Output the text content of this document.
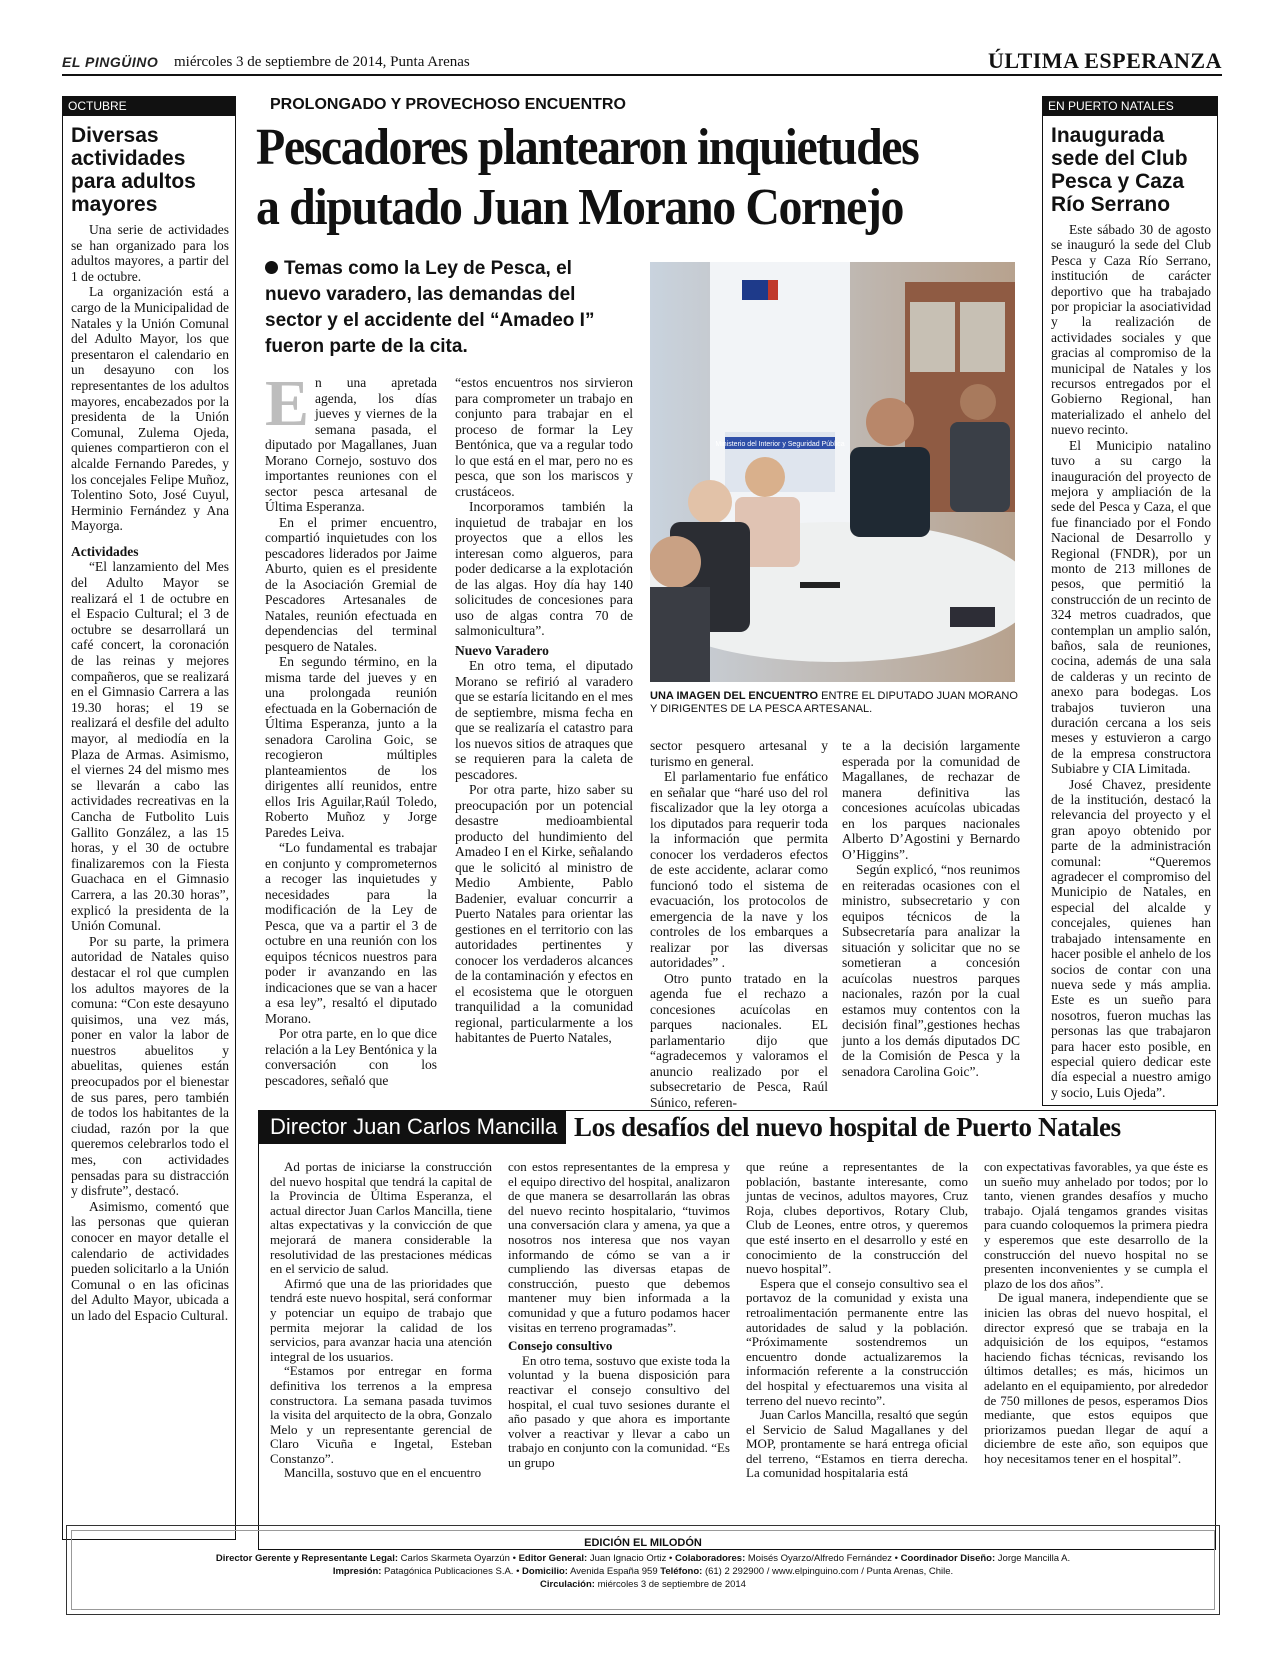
EL PINGÜINO miércoles 3 de septiembre de 2014, Punta Arenas	ÚLTIMA ESPERANZA
OCTUBRE
Diversas actividades para adultos mayores

Una serie de actividades se han organizado para los adultos mayores, a partir del 1 de octubre.

La organización está a cargo de la Municipalidad de Natales y la Unión Comunal del Adulto Mayor, los que presentaron el calendario en un desayuno con los representantes de los adultos mayores, encabezados por la presidenta de la Unión Comunal, Zulema Ojeda, quienes compartieron con el alcalde Fernando Paredes, y los concejales Felipe Muñoz, Tolentino Soto, José Cuyul, Herminio Fernández y Ana Mayorga.

Actividades

“El lanzamiento del Mes del Adulto Mayor se realizará el 1 de octubre en el Espacio Cultural; el 3 de octubre se desarrollará un café concert, la coronación de las reinas y mejores compañeros, que se realizará en el Gimnasio Carrera a las 19.30 horas; el 19 se realizará el desfile del adulto mayor, al mediodía en la Plaza de Armas. Asimismo, el viernes 24 del mismo mes se llevarán a cabo las actividades recreativas en la Cancha de Futbolito Luis Gallito González, a las 15 horas, y el 30 de octubre finalizaremos con la Fiesta Guachaca en el Gimnasio Carrera, a las 20.30 horas”, explicó la presidenta de la Unión Comunal.

Por su parte, la primera autoridad de Natales quiso destacar el rol que cumplen los adultos mayores de la comuna: “Con este desayuno quisimos, una vez más, poner en valor la labor de nuestros abuelitos y abuelitas, quienes están preocupados por el bienestar de sus pares, pero también de todos los habitantes de la ciudad, razón por la que queremos celebrarlos todo el mes, con actividades pensadas para su distracción y disfrute”, destacó.

Asimismo, comentó que las personas que quieran conocer en mayor detalle el calendario de actividades pueden solicitarlo a la Unión Comunal o en las oficinas del Adulto Mayor, ubicada a un lado del Espacio Cultural.

EN PUERTO NATALES
Inaugurada sede del Club Pesca y Caza Río Serrano

Este sábado 30 de agosto se inauguró la sede del Club Pesca y Caza Río Serrano, institución de carácter deportivo que ha trabajado por propiciar la asociatividad y la realización de actividades sociales y que gracias al compromiso de la municipal de Natales y los recursos entregados por el Gobierno Regional, han materializado el anhelo del nuevo recinto.

El Municipio natalino tuvo a su cargo la inauguración del proyecto de mejora y ampliación de la sede del Pesca y Caza, el que fue financiado por el Fondo Nacional de Desarrollo y Regional (FNDR), por un monto de 213 millones de pesos, que permitió la construcción de un recinto de 324 metros cuadrados, que contemplan un amplio salón, baños, sala de reuniones, cocina, además de una sala de calderas y un recinto de anexo para bodegas. Los trabajos tuvieron una duración cercana a los seis meses y estuvieron a cargo de la empresa constructora Subiabre y CIA Limitada.

José Chavez, presidente de la institución, destacó la relevancia del proyecto y el gran apoyo obtenido por parte de la administración comunal: “Queremos agradecer el compromiso del Municipio de Natales, en especial del alcalde y concejales, quienes han trabajado intensamente en hacer posible el anhelo de los socios de contar con una nueva sede y más amplia. Este es un sueño para nosotros, fueron muchas las personas las que trabajaron para hacer esto posible, en especial quiero dedicar este día especial a nuestro amigo y socio, Luis Ojeda”.

PROLONGADO Y PROVECHOSO ENCUENTRO
Pescadores plantearon inquietudes
a diputado Juan Morano Cornejo
Temas como la Ley de Pesca, el nuevo varadero, las demandas del sector y el accidente del “Amadeo I” fueron parte de la cita.

En una apretada agenda, los días jueves y viernes de la semana pasada, el diputado por Magallanes, Juan Morano Cornejo, sostuvo dos importantes reuniones con el sector pesca artesanal de Última Esperanza.

En el primer encuentro, compartió inquietudes con los pescadores liderados por Jaime Aburto, quien es el presidente de la Asociación Gremial de Pescadores Artesanales de Natales, reunión efectuada en dependencias del terminal pesquero de Natales.

En segundo término, en la misma tarde del jueves y en una prolongada reunión efectuada en la Gobernación de Última Esperanza, junto a la senadora Carolina Goic, se recogieron múltiples planteamientos de los dirigentes allí reunidos, entre ellos Iris Aguilar,Raúl Toledo, Roberto Muñoz y Jorge Paredes Leiva.

“Lo fundamental es trabajar en conjunto y comprometernos a recoger las inquietudes y necesidades para la modificación de la Ley de Pesca, que va a partir el 3 de octubre en una reunión con los equipos técnicos nuestros para poder ir avanzando en las indicaciones que se van a hacer a esa ley”, resaltó el diputado Morano.

Por otra parte, en lo que dice relación a la Ley Bentónica y la conversación con los pescadores, señaló que

“estos encuentros nos sirvieron para comprometer un trabajo en conjunto para trabajar en el proceso de formar la Ley Bentónica, que va a regular todo lo que está en el mar, pero no es pesca, que son los mariscos y crustáceos.

Incorporamos también la inquietud de trabajar en los proyectos que a ellos les interesan como algueros, para poder dedicarse a la explotación de las algas. Hoy día hay 140 solicitudes de concesiones para uso de algas contra 70 de salmonicultura”.

Nuevo Varadero

En otro tema, el diputado Morano se refirió al varadero que se estaría licitando en el mes de septiembre, misma fecha en que se realizaría el catastro para los nuevos sitios de atraques que se requieren para la caleta de pescadores.

Por otra parte, hizo saber su preocupación por un potencial desastre medioambiental producto del hundimiento del Amadeo I en el Kirke, señalando que le solicitó al ministro de Medio Ambiente, Pablo Badenier, evaluar concurrir a Puerto Natales para orientar las gestiones en el territorio con las autoridades pertinentes y conocer los verdaderos alcances de la contaminación y efectos en el ecosistema que le otorguen tranquilidad a la comunidad regional, particularmente a los habitantes de Puerto Natales,

Ministerio del Interior y Seguridad Pública
UNA IMAGEN DEL ENCUENTRO ENTRE EL DIPUTADO JUAN MORANO Y DIRIGENTES DE LA PESCA ARTESANAL.

sector pesquero artesanal y turismo en general.

El parlamentario fue enfático en señalar que “haré uso del rol fiscalizador que la ley otorga a los diputados para requerir toda la información que permita conocer los verdaderos efectos de este accidente, aclarar como funcionó todo el sistema de evacuación, los protocolos de emergencia de la nave y los controles de los embarques a realizar por las diversas autoridades” .

Otro punto tratado en la agenda fue el rechazo a concesiones acuícolas en parques nacionales. EL parlamentario dijo que “agradecemos y valoramos el anuncio realizado por el subsecretario de Pesca, Raúl Súnico, referen-

te a la decisión largamente esperada por la comunidad de Magallanes, de rechazar de manera definitiva las concesiones acuícolas ubicadas en los parques nacionales Alberto D’Agostini y Bernardo O’Higgins”.

Según explicó, “nos reunimos en reiteradas ocasiones con el ministro, subsecretario y con equipos técnicos de la Subsecretaría para analizar la situación y solicitar que no se sometieran a concesión acuícolas nuestros parques nacionales, razón por la cual estamos muy contentos con la decisión final”,gestiones hechas junto a los demás diputados DC de la Comisión de Pesca y la senadora Carolina Goic”.

Director Juan Carlos Mancilla Los desafíos del nuevo hospital de Puerto Natales

Ad portas de iniciarse la construcción del nuevo hospital que tendrá la capital de la Provincia de Última Esperanza, el actual director Juan Carlos Mancilla, tiene altas expectativas y la convicción de que mejorará de manera considerable la resolutividad de las prestaciones médicas en el servicio de salud.

Afirmó que una de las prioridades que tendrá este nuevo hospital, será conformar y potenciar un equipo de trabajo que permita mejorar la calidad de los servicios, para avanzar hacia una atención integral de los usuarios.

“Estamos por entregar en forma definitiva los terrenos a la empresa constructora. La semana pasada tuvimos la visita del arquitecto de la obra, Gonzalo Melo y un representante gerencial de Claro Vicuña e Ingetal, Esteban Constanzo”.

Mancilla, sostuvo que en el encuentro

con estos representantes de la empresa y el equipo directivo del hospital, analizaron de que manera se desarrollarán las obras del nuevo recinto hospitalario, “tuvimos una conversación clara y amena, ya que a nosotros nos interesa que nos vayan informando de cómo se van a ir cumpliendo las diversas etapas de construcción, puesto que debemos mantener muy bien informada a la comunidad y que a futuro podamos hacer visitas en terreno programadas”.

Consejo consultivo

En otro tema, sostuvo que existe toda la voluntad y la buena disposición para reactivar el consejo consultivo del hospital, el cual tuvo sesiones durante el año pasado y que ahora es importante volver a reactivar y llevar a cabo un trabajo en conjunto con la comunidad. “Es un grupo

que reúne a representantes de la población, bastante interesante, como juntas de vecinos, adultos mayores, Cruz Roja, clubes deportivos, Rotary Club, Club de Leones, entre otros, y queremos que esté inserto en el desarrollo y esté en conocimiento de la construcción del nuevo hospital”.

Espera que el consejo consultivo sea el portavoz de la comunidad y exista una retroalimentación permanente entre las autoridades de salud y la población. “Próximamente sostendremos un encuentro donde actualizaremos la información referente a la construcción del hospital y efectuaremos una visita al terreno del nuevo recinto”.

Juan Carlos Mancilla, resaltó que según el Servicio de Salud Magallanes y del MOP, prontamente se hará entrega oficial del terreno, “Estamos en tierra derecha. La comunidad hospitalaria está

con expectativas favorables, ya que éste es un sueño muy anhelado por todos; por lo tanto, vienen grandes desafíos y mucho trabajo. Ojalá tengamos grandes visitas para cuando coloquemos la primera piedra y esperemos que este desarrollo de la construcción del nuevo hospital no se presenten inconvenientes y se cumpla el plazo de los dos años”.

De igual manera, independiente que se inicien las obras del nuevo hospital, el director expresó que se trabaja en la adquisición de los equipos, “estamos haciendo fichas técnicas, revisando los últimos detalles; es más, hicimos un adelanto en el equipamiento, por alrededor de 750 millones de pesos, esperamos Dios mediante, que estos equipos que priorizamos puedan llegar de aquí a diciembre de este año, son equipos que hoy necesitamos tener en el hospital”.

EDICIÓN EL MILODÓN
Director Gerente y Representante Legal: Carlos Skarmeta Oyarzún • Editor General: Juan Ignacio Ortiz • Colaboradores: Moisés Oyarzo/Alfredo Fernández • Coordinador Diseño: Jorge Mancilla A.
Impresión: Patagónica Publicaciones S.A. • Domicilio: Avenida España 959 Teléfono: (61) 2 292900 / www.elpinguino.com / Punta Arenas, Chile.
Circulación: miércoles 3 de septiembre de 2014
